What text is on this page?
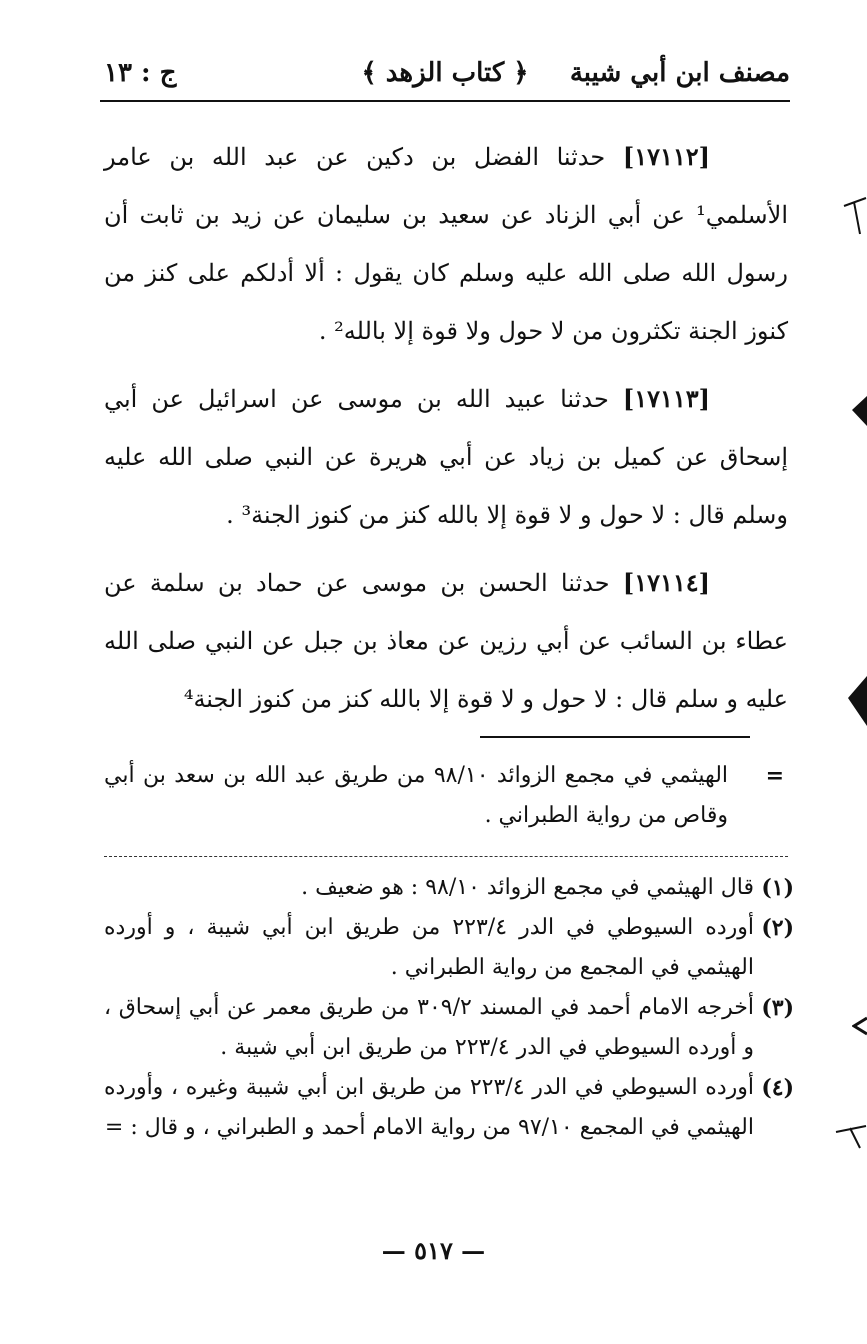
مصنف ابن أبي شيبة
﴿ كتاب الزهد ﴾
ج : ١٣

[١٧١١٢] حدثنا الفضل بن دكين عن عبد الله بن عامر الأسلمي¹ عن أبي الزناد عن سعيد بن سليمان عن زيد بن ثابت أن رسول الله صلى الله عليه وسلم كان يقول : ألا أدلكم على كنز من كنوز الجنة تكثرون من لا حول ولا قوة إلا بالله² .

[١٧١١٣] حدثنا عبيد الله بن موسى عن اسرائيل عن أبي إسحاق عن كميل بن زياد عن أبي هريرة عن النبي صلى الله عليه وسلم قال : لا حول و لا قوة إلا بالله كنز من كنوز الجنة³ .

[١٧١١٤] حدثنا الحسن بن موسى عن حماد بن سلمة عن عطاء بن السائب عن أبي رزين عن معاذ بن جبل عن النبي صلى الله عليه و سلم قال : لا حول و لا قوة إلا بالله كنز من كنوز الجنة⁴

=
الهيثمي في مجمع الزوائد ٩٨/١٠ من طريق عبد الله بن سعد بن أبي وقاص من رواية الطبراني .
(١)
قال الهيثمي في مجمع الزوائد ٩٨/١٠ : هو ضعيف .
(٢)
أورده السيوطي في الدر ٢٢٣/٤ من طريق ابن أبي شيبة ، و أورده الهيثمي في المجمع من رواية الطبراني .
(٣)
أخرجه الامام أحمد في المسند ٣٠٩/٢ من طريق معمر عن أبي إسحاق ، و أورده السيوطي في الدر ٢٢٣/٤ من طريق ابن أبي شيبة .
(٤)
أورده السيوطي في الدر ٢٢٣/٤ من طريق ابن أبي شيبة وغيره ، وأورده الهيثمي في المجمع ٩٧/١٠ من رواية الامام أحمد و الطبراني ، و قال : =
— ٥١٧ —
